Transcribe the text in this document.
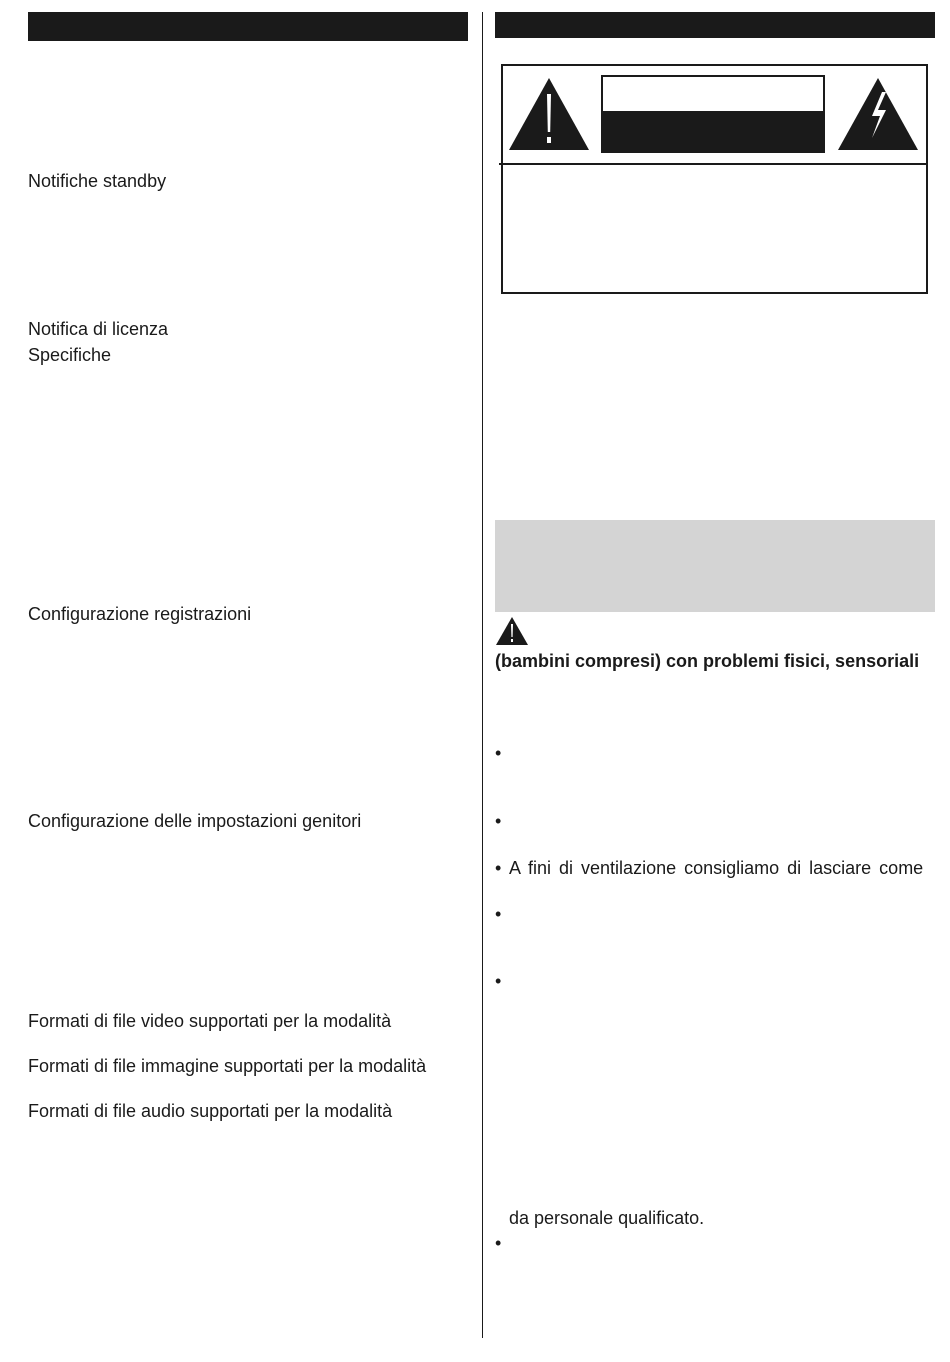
Notifiche standby
Notifica di licenza
Specifiche
Configurazione registrazioni
Configurazione delle impostazioni genitori
Formati di file video supportati per la modalità
Formati di file immagine supportati per la modalità
Formati di file audio supportati per la modalità
(bambini compresi) con problemi fisici, sensoriali
•
•
• A fini di ventilazione consigliamo di lasciare come
•
•
da personale qualificato.
•
